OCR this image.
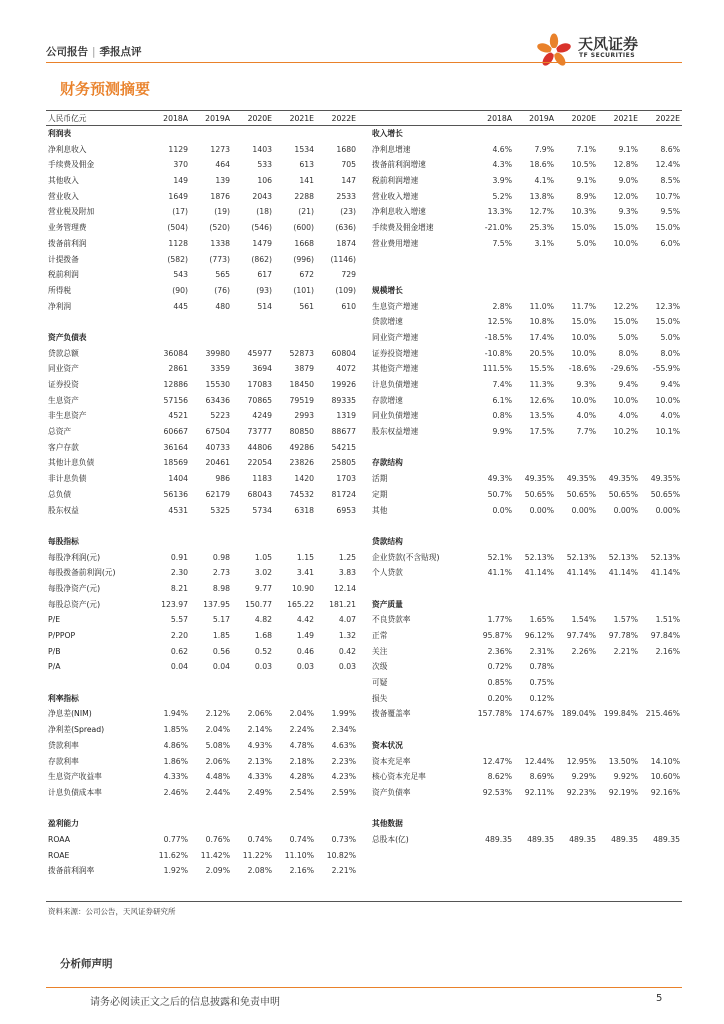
公司报告 | 季报点评	天风证券
TF SECURITIES
财务预测摘要
人民币亿元	2018A	2019A	2020E	2021E	2022E	2018A	2019A	2020E	2021E	2022E
利润表
净利息收入	1129	1273	1403	1534	1680
手续费及佣金	370	464	533	613	705
其他收入	149	139	106	141	147
营业收入	1649	1876	2043	2288	2533
营业税及附加	(17)	(19)	(18)	(21)	(23)
业务管理费	(504)	(520)	(546)	(600)	(636)
拨备前利润	1128	1338	1479	1668	1874
计提拨备	(582)	(773)	(862)	(996)	(1146)
税前利润	543	565	617	672	729
所得税	(90)	(76)	(93)	(101)	(109)
净利润	445	480	514	561	610
资产负债表
贷款总额	36084	39980	45977	52873	60804
同业资产	2861	3359	3694	3879	4072
证券投资	12886	15530	17083	18450	19926
生息资产	57156	63436	70865	79519	89335
非生息资产	4521	5223	4249	2993	1319
总资产	60667	67504	73777	80850	88677
客户存款	36164	40733	44806	49286	54215
其他计息负债	18569	20461	22054	23826	25805
非计息负债	1404	986	1183	1420	1703
总负债	56136	62179	68043	74532	81724
股东权益	4531	5325	5734	6318	6953
每股指标
每股净利润(元)	0.91	0.98	1.05	1.15	1.25
每股拨备前利润(元)	2.30	2.73	3.02	3.41	3.83
每股净资产(元)	8.21	8.98	9.77	10.90	12.14
每股总资产(元)	123.97	137.95	150.77	165.22	181.21
P/E	5.57	5.17	4.82	4.42	4.07
P/PPOP	2.20	1.85	1.68	1.49	1.32
P/B	0.62	0.56	0.52	0.46	0.42
P/A	0.04	0.04	0.03	0.03	0.03
利率指标
净息差(NIM)	1.94%	2.12%	2.06%	2.04%	1.99%
净利差(Spread)	1.85%	2.04%	2.14%	2.24%	2.34%
贷款利率	4.86%	5.08%	4.93%	4.78%	4.63%
存款利率	1.86%	2.06%	2.13%	2.18%	2.23%
生息资产收益率	4.33%	4.48%	4.33%	4.28%	4.23%
计息负债成本率	2.46%	2.44%	2.49%	2.54%	2.59%
盈利能力
ROAA	0.77%	0.76%	0.74%	0.74%	0.73%
ROAE	11.62%	11.42%	11.22%	11.10%	10.82%
拨备前利润率	1.92%	2.09%	2.08%	2.16%	2.21%
收入增长
净利息增速	4.6%	7.9%	7.1%	9.1%	8.6%
拨备前利润增速	4.3%	18.6%	10.5%	12.8%	12.4%
税前利润增速	3.9%	4.1%	9.1%	9.0%	8.5%
营业收入增速	5.2%	13.8%	8.9%	12.0%	10.7%
净利息收入增速	13.3%	12.7%	10.3%	9.3%	9.5%
手续费及佣金增速	-21.0%	25.3%	15.0%	15.0%	15.0%
营业费用增速	7.5%	3.1%	5.0%	10.0%	6.0%
规模增长
生息资产增速	2.8%	11.0%	11.7%	12.2%	12.3%
贷款增速	12.5%	10.8%	15.0%	15.0%	15.0%
同业资产增速	-18.5%	17.4%	10.0%	5.0%	5.0%
证券投资增速	-10.8%	20.5%	10.0%	8.0%	8.0%
其他资产增速	111.5%	15.5%	-18.6%	-29.6%	-55.9%
计息负债增速	7.4%	11.3%	9.3%	9.4%	9.4%
存款增速	6.1%	12.6%	10.0%	10.0%	10.0%
同业负债增速	0.8%	13.5%	4.0%	4.0%	4.0%
股东权益增速	9.9%	17.5%	7.7%	10.2%	10.1%
存款结构
活期	49.3%	49.35%	49.35%	49.35%	49.35%
定期	50.7%	50.65%	50.65%	50.65%	50.65%
其他	0.0%	0.00%	0.00%	0.00%	0.00%
贷款结构
企业贷款(不含贴现)	52.1%	52.13%	52.13%	52.13%	52.13%
个人贷款	41.1%	41.14%	41.14%	41.14%	41.14%
资产质量
不良贷款率	1.77%	1.65%	1.54%	1.57%	1.51%
正常	95.87%	96.12%	97.74%	97.78%	97.84%
关注	2.36%	2.31%	2.26%	2.21%	2.16%
次级	0.72%	0.78%
可疑	0.85%	0.75%
损失	0.20%	0.12%
拨备覆盖率	157.78%	174.67%	189.04%	199.84%	215.46%
资本状况
资本充足率	12.47%	12.44%	12.95%	13.50%	14.10%
核心资本充足率	8.62%	8.69%	9.29%	9.92%	10.60%
资产负债率	92.53%	92.11%	92.23%	92.19%	92.16%
其他数据
总股本(亿)	489.35	489.35	489.35	489.35	489.35
资料来源：公司公告，天风证券研究所
分析师声明
请务必阅读正文之后的信息披露和免责申明	5
